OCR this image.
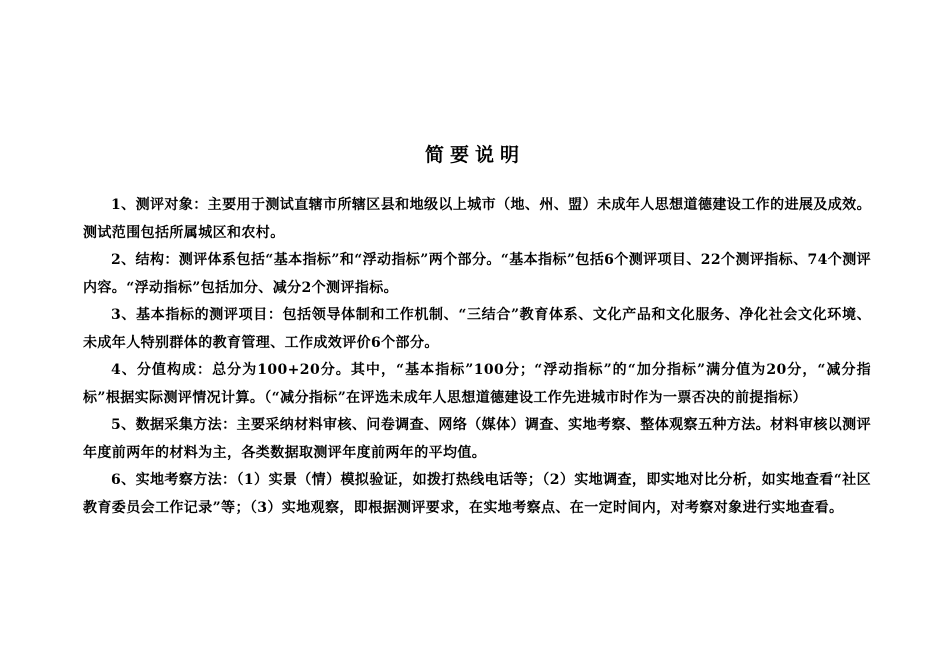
简要说明

1、测评对象：主要用于测试直辖市所辖区县和地级以上城市（地、州、盟）未成年人思想道德建设工作的进展及成效。测试范围包括所属城区和农村。

2、结构：测评体系包括“基本指标”和“浮动指标”两个部分。“基本指标”包括6个测评项目、22个测评指标、74个测评内容。“浮动指标”包括加分、减分2个测评指标。

3、基本指标的测评项目：包括领导体制和工作机制、“三结合”教育体系、文化产品和文化服务、净化社会文化环境、未成年人特别群体的教育管理、工作成效评价6个部分。

4、分值构成：总分为100+20分。其中，“基本指标”100分；“浮动指标”的“加分指标”满分值为20分，“减分指标”根据实际测评情况计算。（“减分指标”在评选未成年人思想道德建设工作先进城市时作为一票否决的前提指标）

5、数据采集方法：主要采纳材料审核、问卷调查、网络（媒体）调查、实地考察、整体观察五种方法。材料审核以测评年度前两年的材料为主，各类数据取测评年度前两年的平均值。

6、实地考察方法：（1）实景（情）模拟验证，如拨打热线电话等；（2）实地调查，即实地对比分析，如实地查看“社区教育委员会工作记录”等；（3）实地观察，即根据测评要求，在实地考察点、在一定时间内，对考察对象进行实地查看。
